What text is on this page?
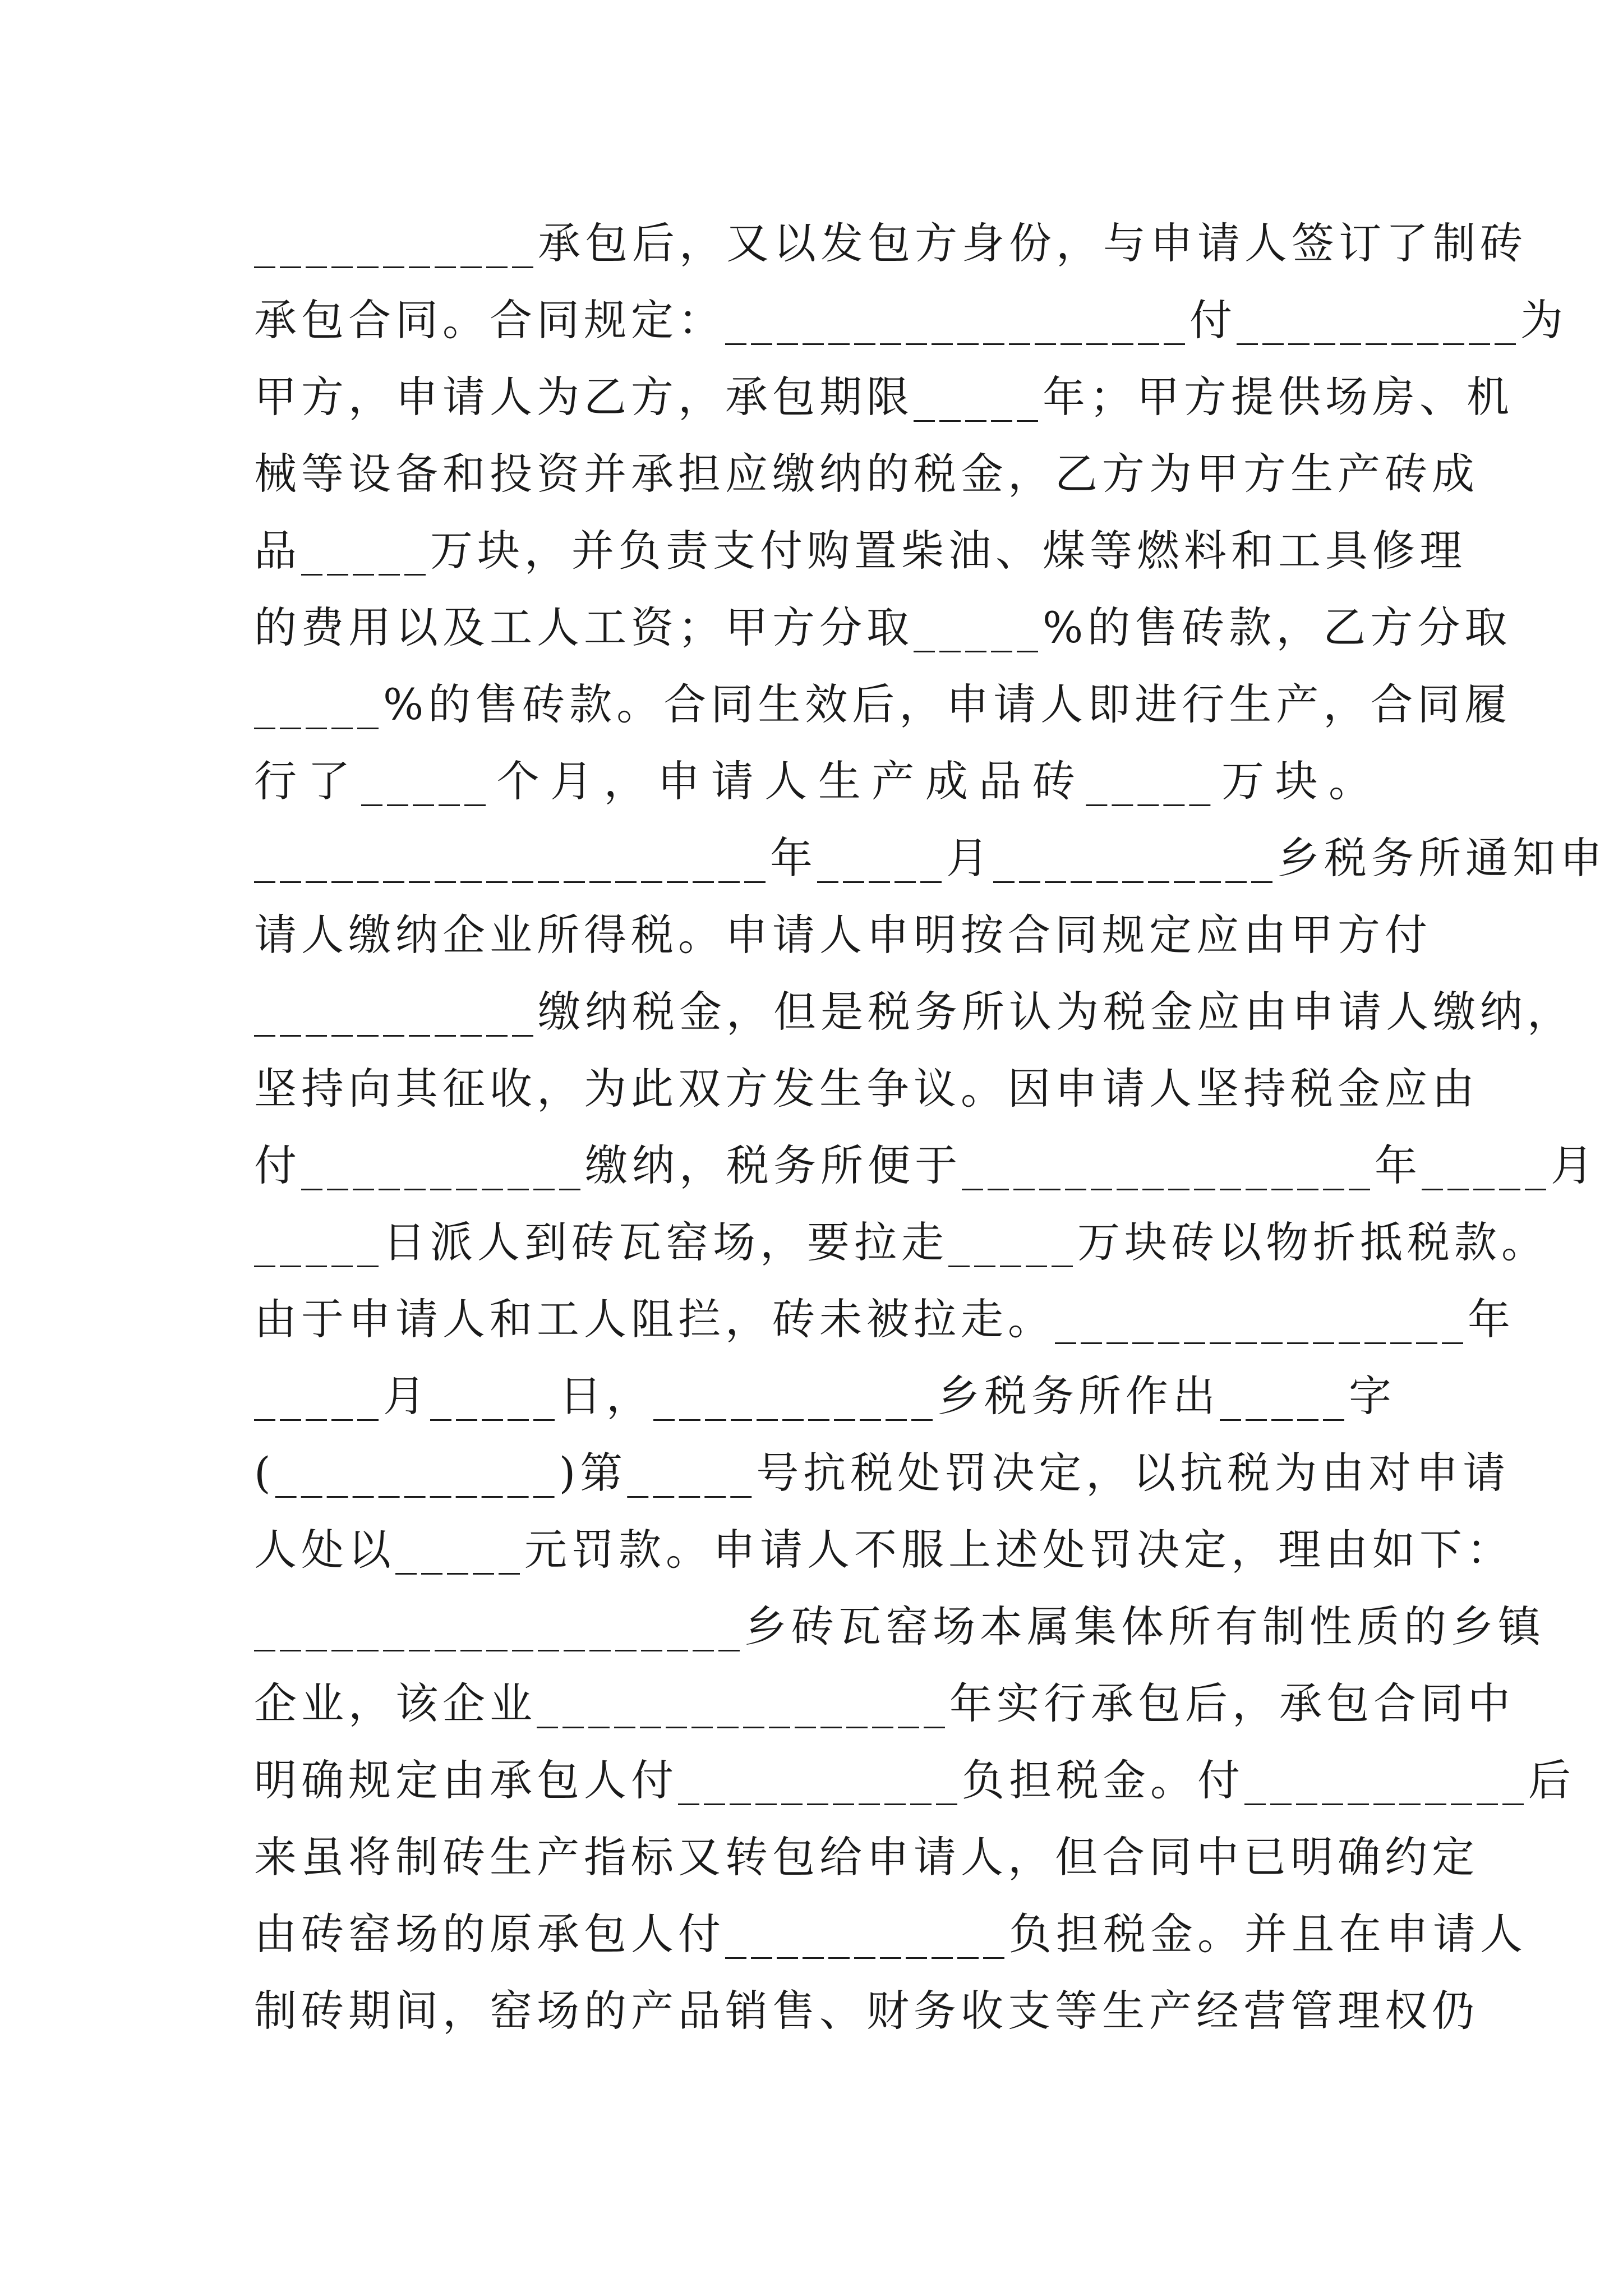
___________承包后，又以发包方身份，与申请人签订了制砖
承包合同。合同规定：__________________付___________为
甲方，申请人为乙方，承包期限_____年；甲方提供场房、机
械等设备和投资并承担应缴纳的税金，乙方为甲方生产砖成
品_____万块，并负责支付购置柴油、煤等燃料和工具修理
的费用以及工人工资；甲方分取_____%的售砖款，乙方分取
_____%的售砖款。合同生效后，申请人即进行生产，合同履
行了_____个月，申请人生产成品砖_____万块。
____________________年_____月___________乡税务所通知申
请人缴纳企业所得税。申请人申明按合同规定应由甲方付
___________缴纳税金，但是税务所认为税金应由申请人缴纳，
坚持向其征收，为此双方发生争议。因申请人坚持税金应由
付___________缴纳，税务所便于________________年_____月
_____日派人到砖瓦窑场，要拉走_____万块砖以物折抵税款。
由于申请人和工人阻拦，砖未被拉走。________________年
_____月_____日，___________乡税务所作出_____字
(___________)第_____号抗税处罚决定，以抗税为由对申请
人处以_____元罚款。申请人不服上述处罚决定，理由如下：
___________________乡砖瓦窑场本属集体所有制性质的乡镇
企业，该企业________________年实行承包后，承包合同中
明确规定由承包人付___________负担税金。付___________后
来虽将制砖生产指标又转包给申请人，但合同中已明确约定
由砖窑场的原承包人付___________负担税金。并且在申请人
制砖期间，窑场的产品销售、财务收支等生产经营管理权仍
